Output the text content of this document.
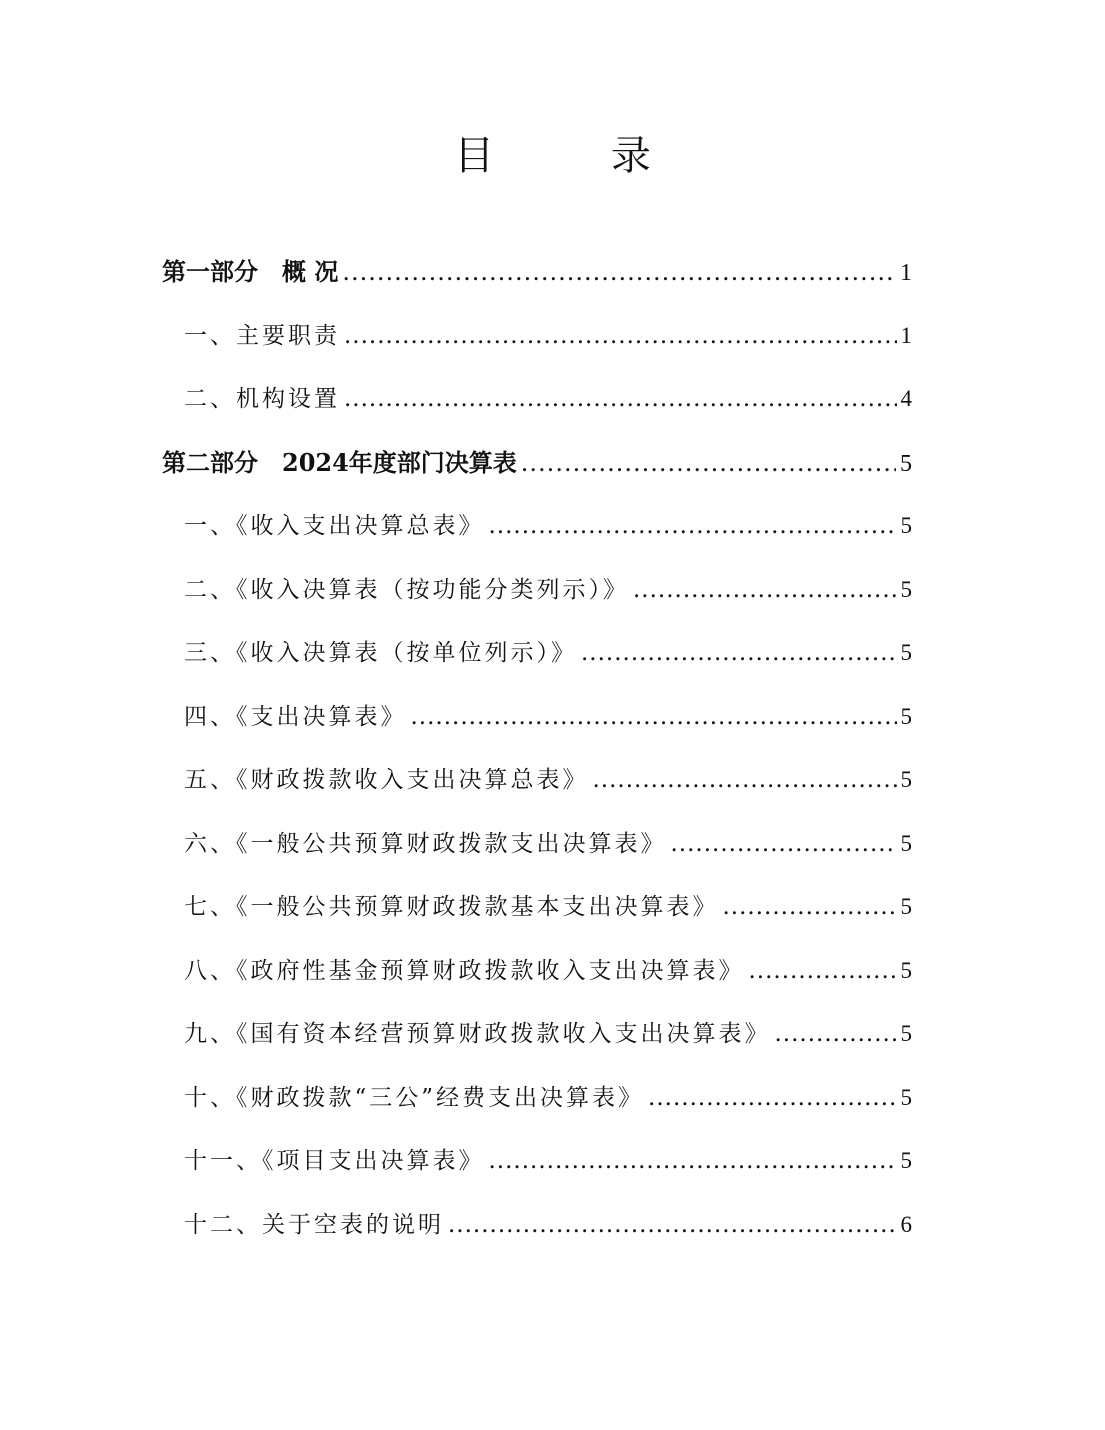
目 录
第一部分　概 况 .....	1
一、主要职责 .....	1
二、机构设置 .....	4
第二部分　2024年度部门决算表 .....	5
一、《收入支出决算总表》 .....	5
二、《收入决算表（按功能分类列示）》 .....	5
三、《收入决算表（按单位列示）》 .....	5
四、《支出决算表》 .....	5
五、《财政拨款收入支出决算总表》 .....	5
六、《一般公共预算财政拨款支出决算表》 .....	5
七、《一般公共预算财政拨款基本支出决算表》 .....	5
八、《政府性基金预算财政拨款收入支出决算表》 .....	5
九、《国有资本经营预算财政拨款收入支出决算表》 .....	5
十、《财政拨款“三公”经费支出决算表》 .....	5
十一、《项目支出决算表》 .....	5
十二、关于空表的说明 .....	6
